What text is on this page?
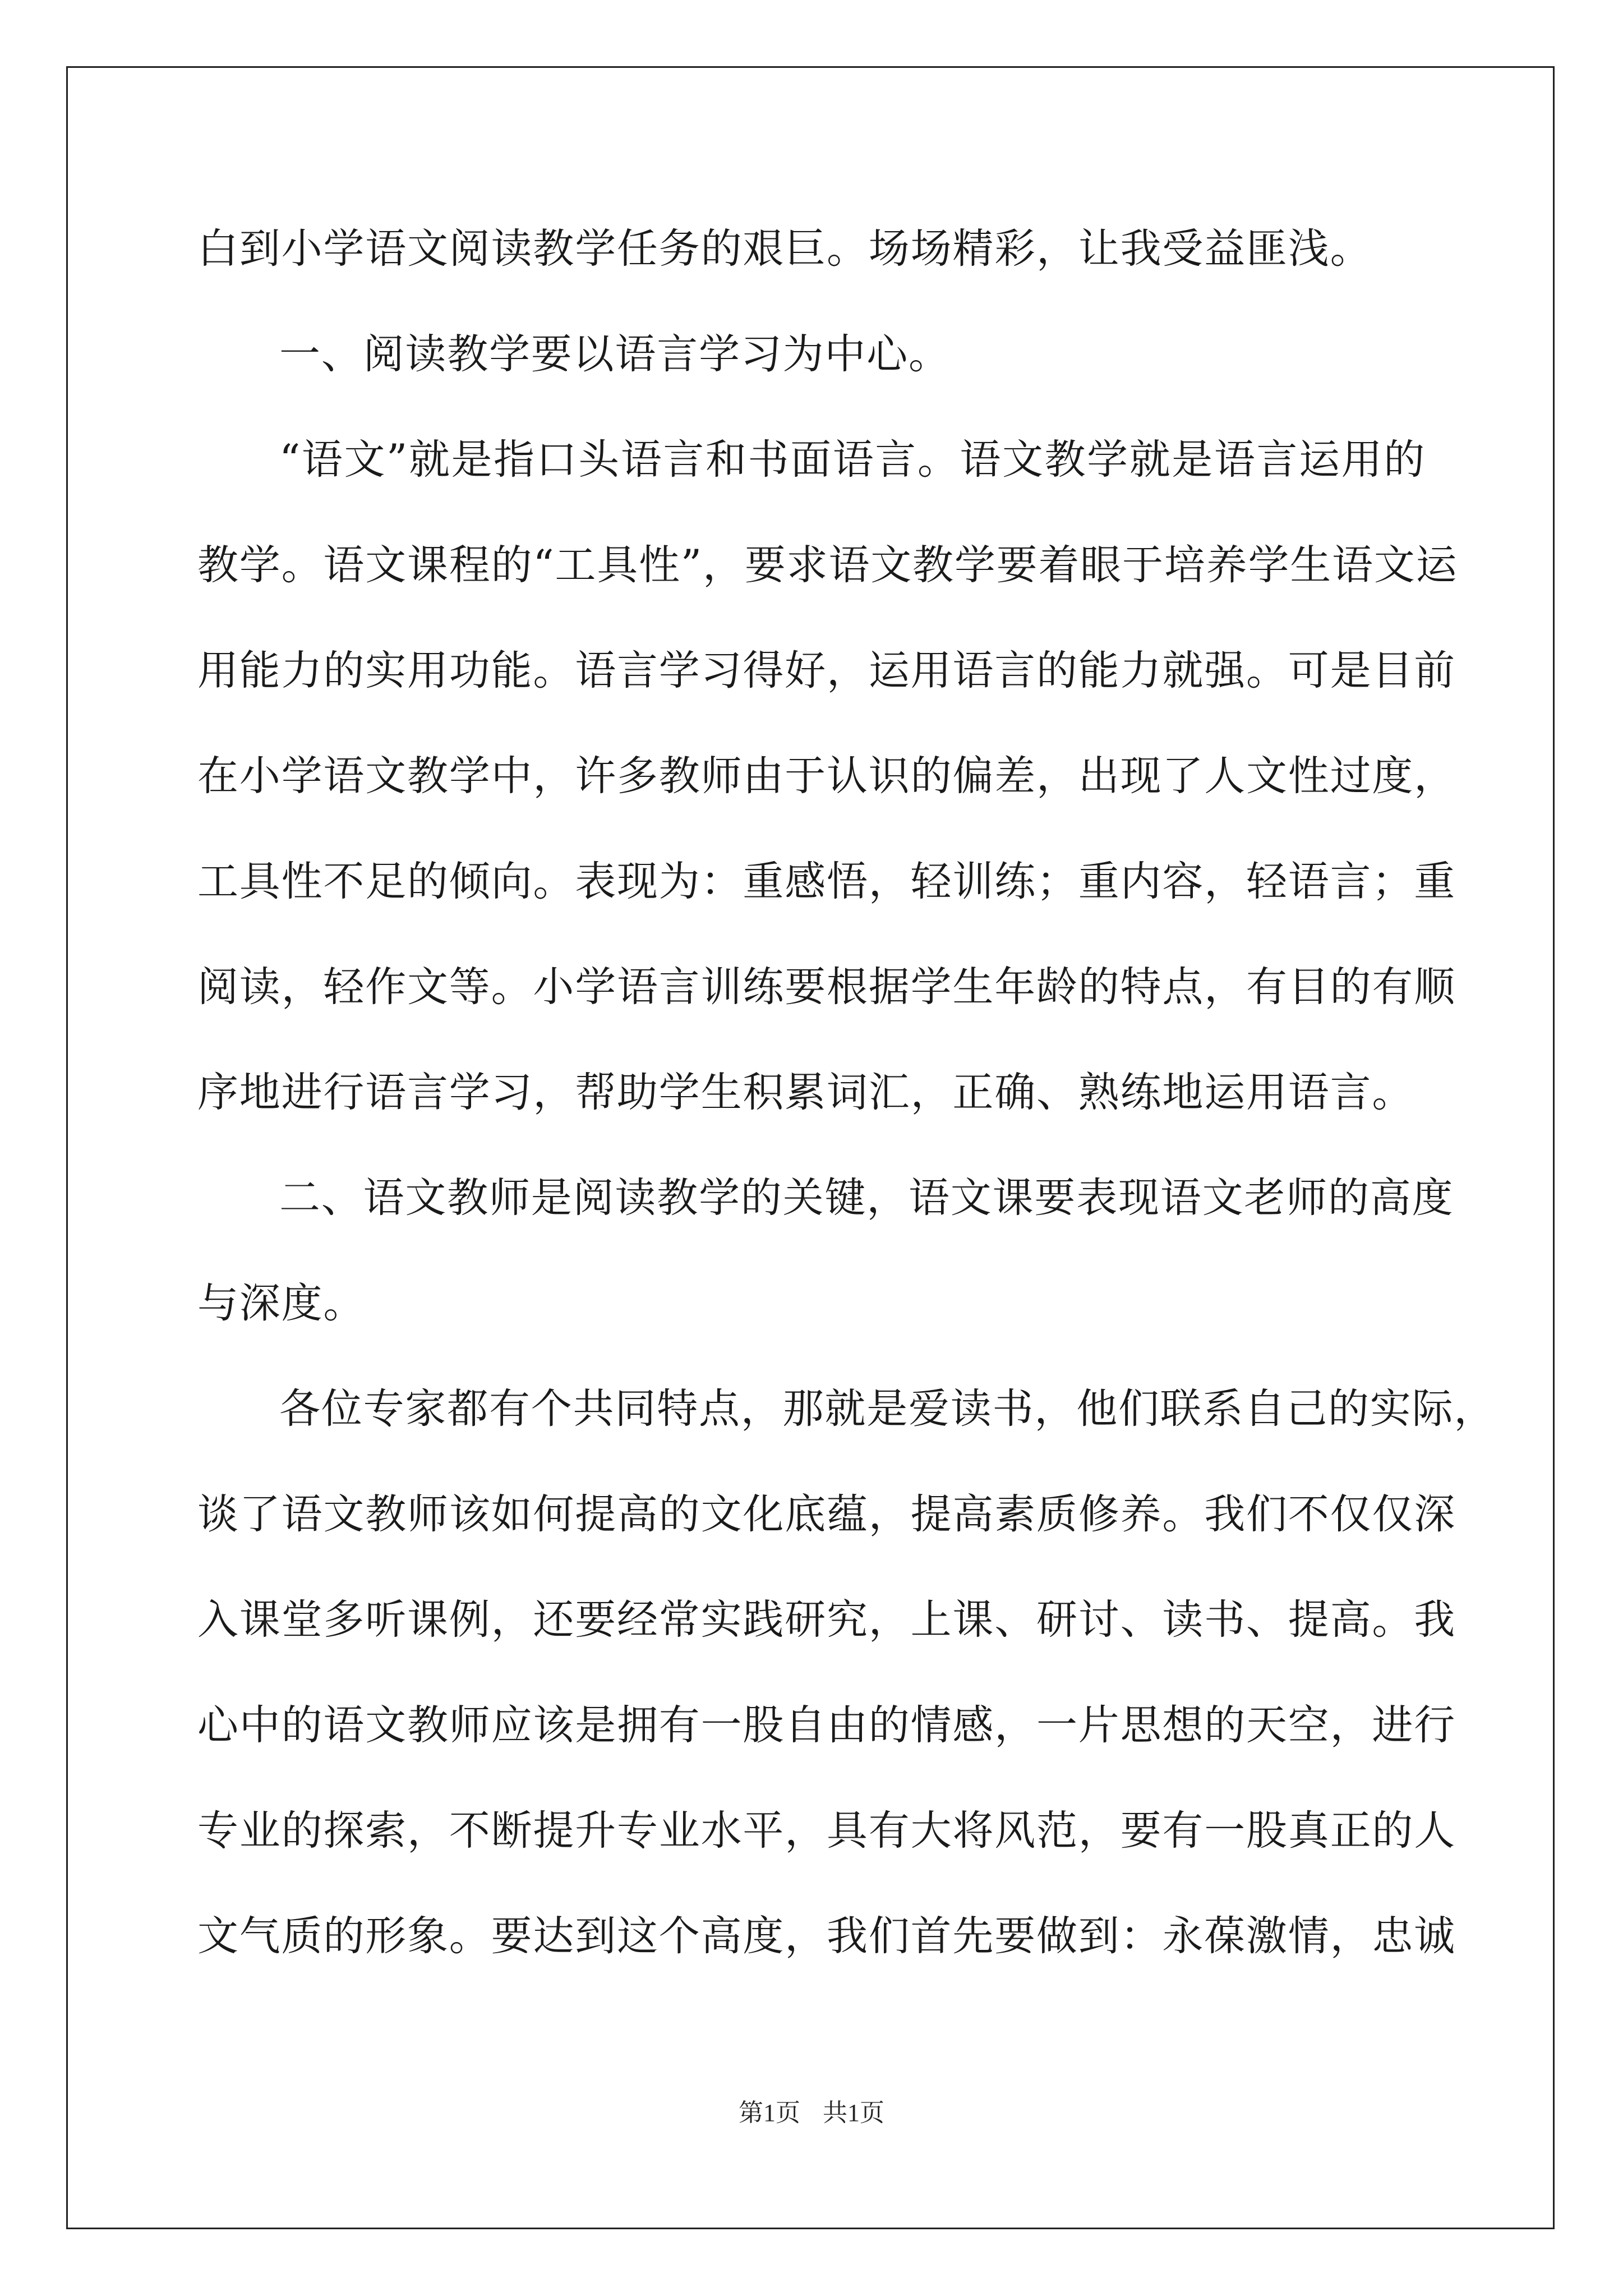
白到小学语文阅读教学任务的艰巨。场场精彩，让我受益匪浅。
一、阅读教学要以语言学习为中心。
“语文”就是指口头语言和书面语言。语文教学就是语言运用的
教学。语文课程的“工具性”，要求语文教学要着眼于培养学生语文运
用能力的实用功能。语言学习得好，运用语言的能力就强。可是目前
在小学语文教学中，许多教师由于认识的偏差，出现了人文性过度，
工具性不足的倾向。表现为：重感悟，轻训练；重内容，轻语言；重
阅读，轻作文等。小学语言训练要根据学生年龄的特点，有目的有顺
序地进行语言学习，帮助学生积累词汇，正确、熟练地运用语言。
二、语文教师是阅读教学的关键，语文课要表现语文老师的高度
与深度。
各位专家都有个共同特点，那就是爱读书，他们联系自己的实际，
谈了语文教师该如何提高的文化底蕴，提高素质修养。我们不仅仅深
入课堂多听课例，还要经常实践研究，上课、研讨、读书、提高。我
心中的语文教师应该是拥有一股自由的情感，一片思想的天空，进行
专业的探索，不断提升专业水平，具有大将风范，要有一股真正的人
文气质的形象。要达到这个高度，我们首先要做到：永葆激情，忠诚
第1页 共1页
